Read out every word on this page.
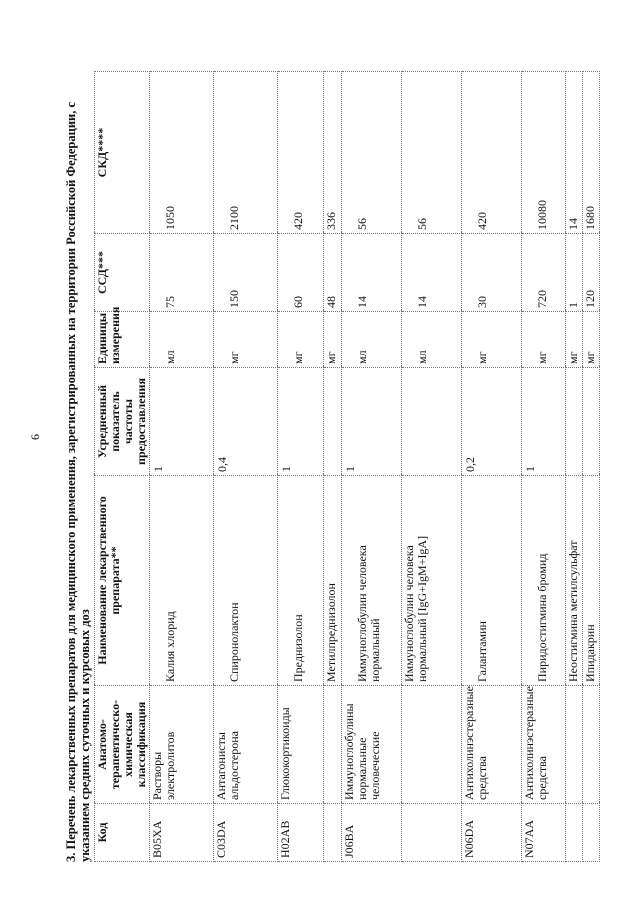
6 3. Перечень лекарственных препаратов для медицинского применения, зарегистрированных на территории Российской Федерации, с указанием средних суточных и курсовых доз Код	Анатомо-терапевтическо-химическая классификация	Наименование лекарственного препарата**	Усредненный показатель частоты предоставления	Единицы измерения	ССД***	СКД****
B05XA	Растворы электролитов	Калия хлорид	1	мл	75	1050
C03DA	Антагонисты альдостерона	Спиронолактон	0,4	мг	150	2100
H02AB	Глюкокортикоиды	Преднизолон	1	мг	60	420
		Метилпреднизолон		мг	48	336
J06BA	Иммуноглобулины нормальные человеческие	Иммуноглобулин человека нормальный	1	мл	14	56
		Иммуноглобулин человека нормальный [IgG+IgM+IgA]		мл	14	56
N06DA	Антихолинэстеразные средства	Галантамин	0,2	мг	30	420
N07AA	Антихолинэстеразные средства	Пиридостигмина бромид	1	мг	720	10080
		Неостигмина метилсульфат		мг	1	14
		Ипидакрин		мг	120	1680
